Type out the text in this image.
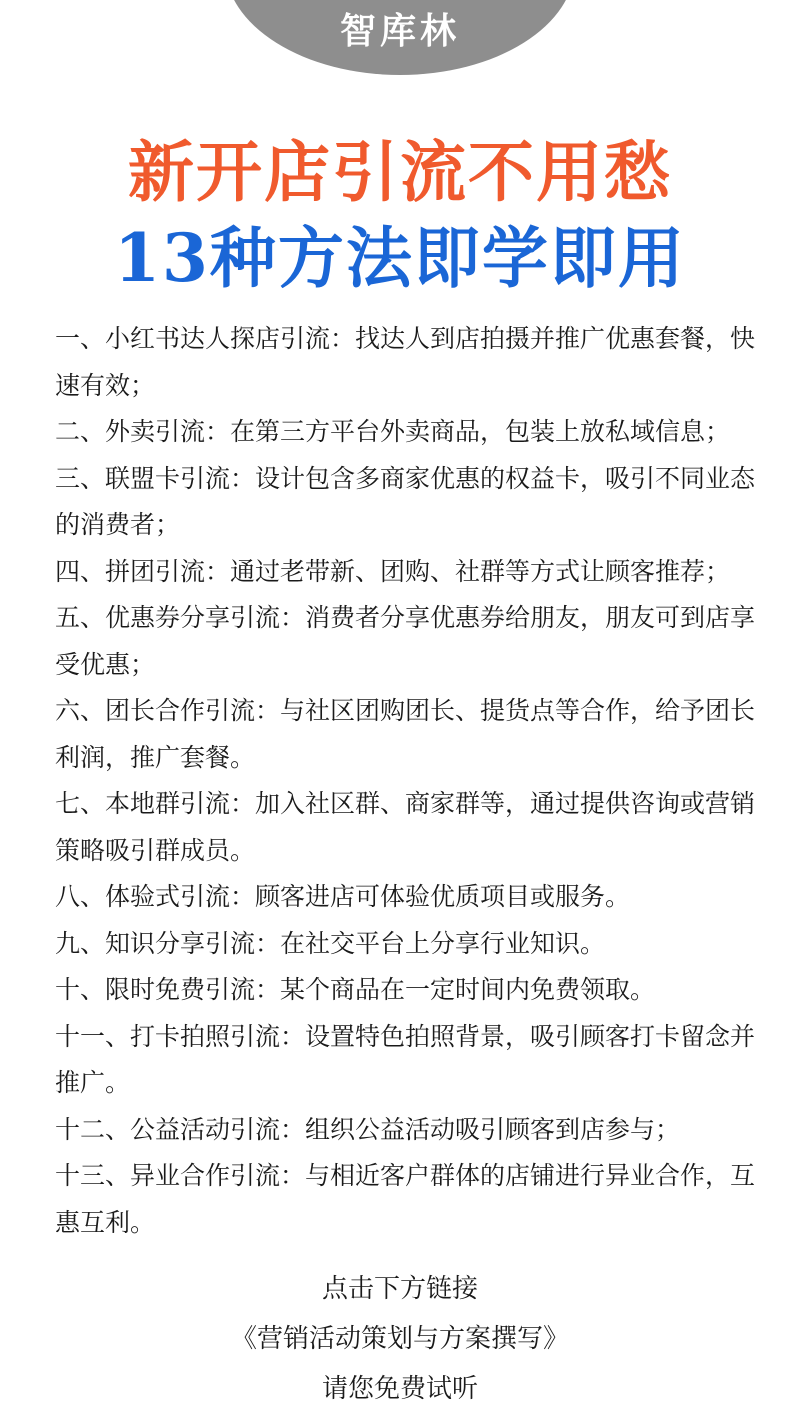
智库林
新开店引流不用愁
13种方法即学即用
一、小红书达人探店引流：找达人到店拍摄并推广优惠套餐，快速有效；
二、外卖引流：在第三方平台外卖商品，包装上放私域信息；
三、联盟卡引流：设计包含多商家优惠的权益卡，吸引不同业态的消费者；
四、拼团引流：通过老带新、团购、社群等方式让顾客推荐；
五、优惠券分享引流：消费者分享优惠券给朋友，朋友可到店享受优惠；
六、团长合作引流：与社区团购团长、提货点等合作，给予团长利润，推广套餐。
七、本地群引流：加入社区群、商家群等，通过提供咨询或营销策略吸引群成员。
八、体验式引流：顾客进店可体验优质项目或服务。
九、知识分享引流：在社交平台上分享行业知识。
十、限时免费引流：某个商品在一定时间内免费领取。
十一、打卡拍照引流：设置特色拍照背景，吸引顾客打卡留念并推广。
十二、公益活动引流：组织公益活动吸引顾客到店参与；
十三、异业合作引流：与相近客户群体的店铺进行异业合作，互惠互利。
点击下方链接
《营销活动策划与方案撰写》
请您免费试听
